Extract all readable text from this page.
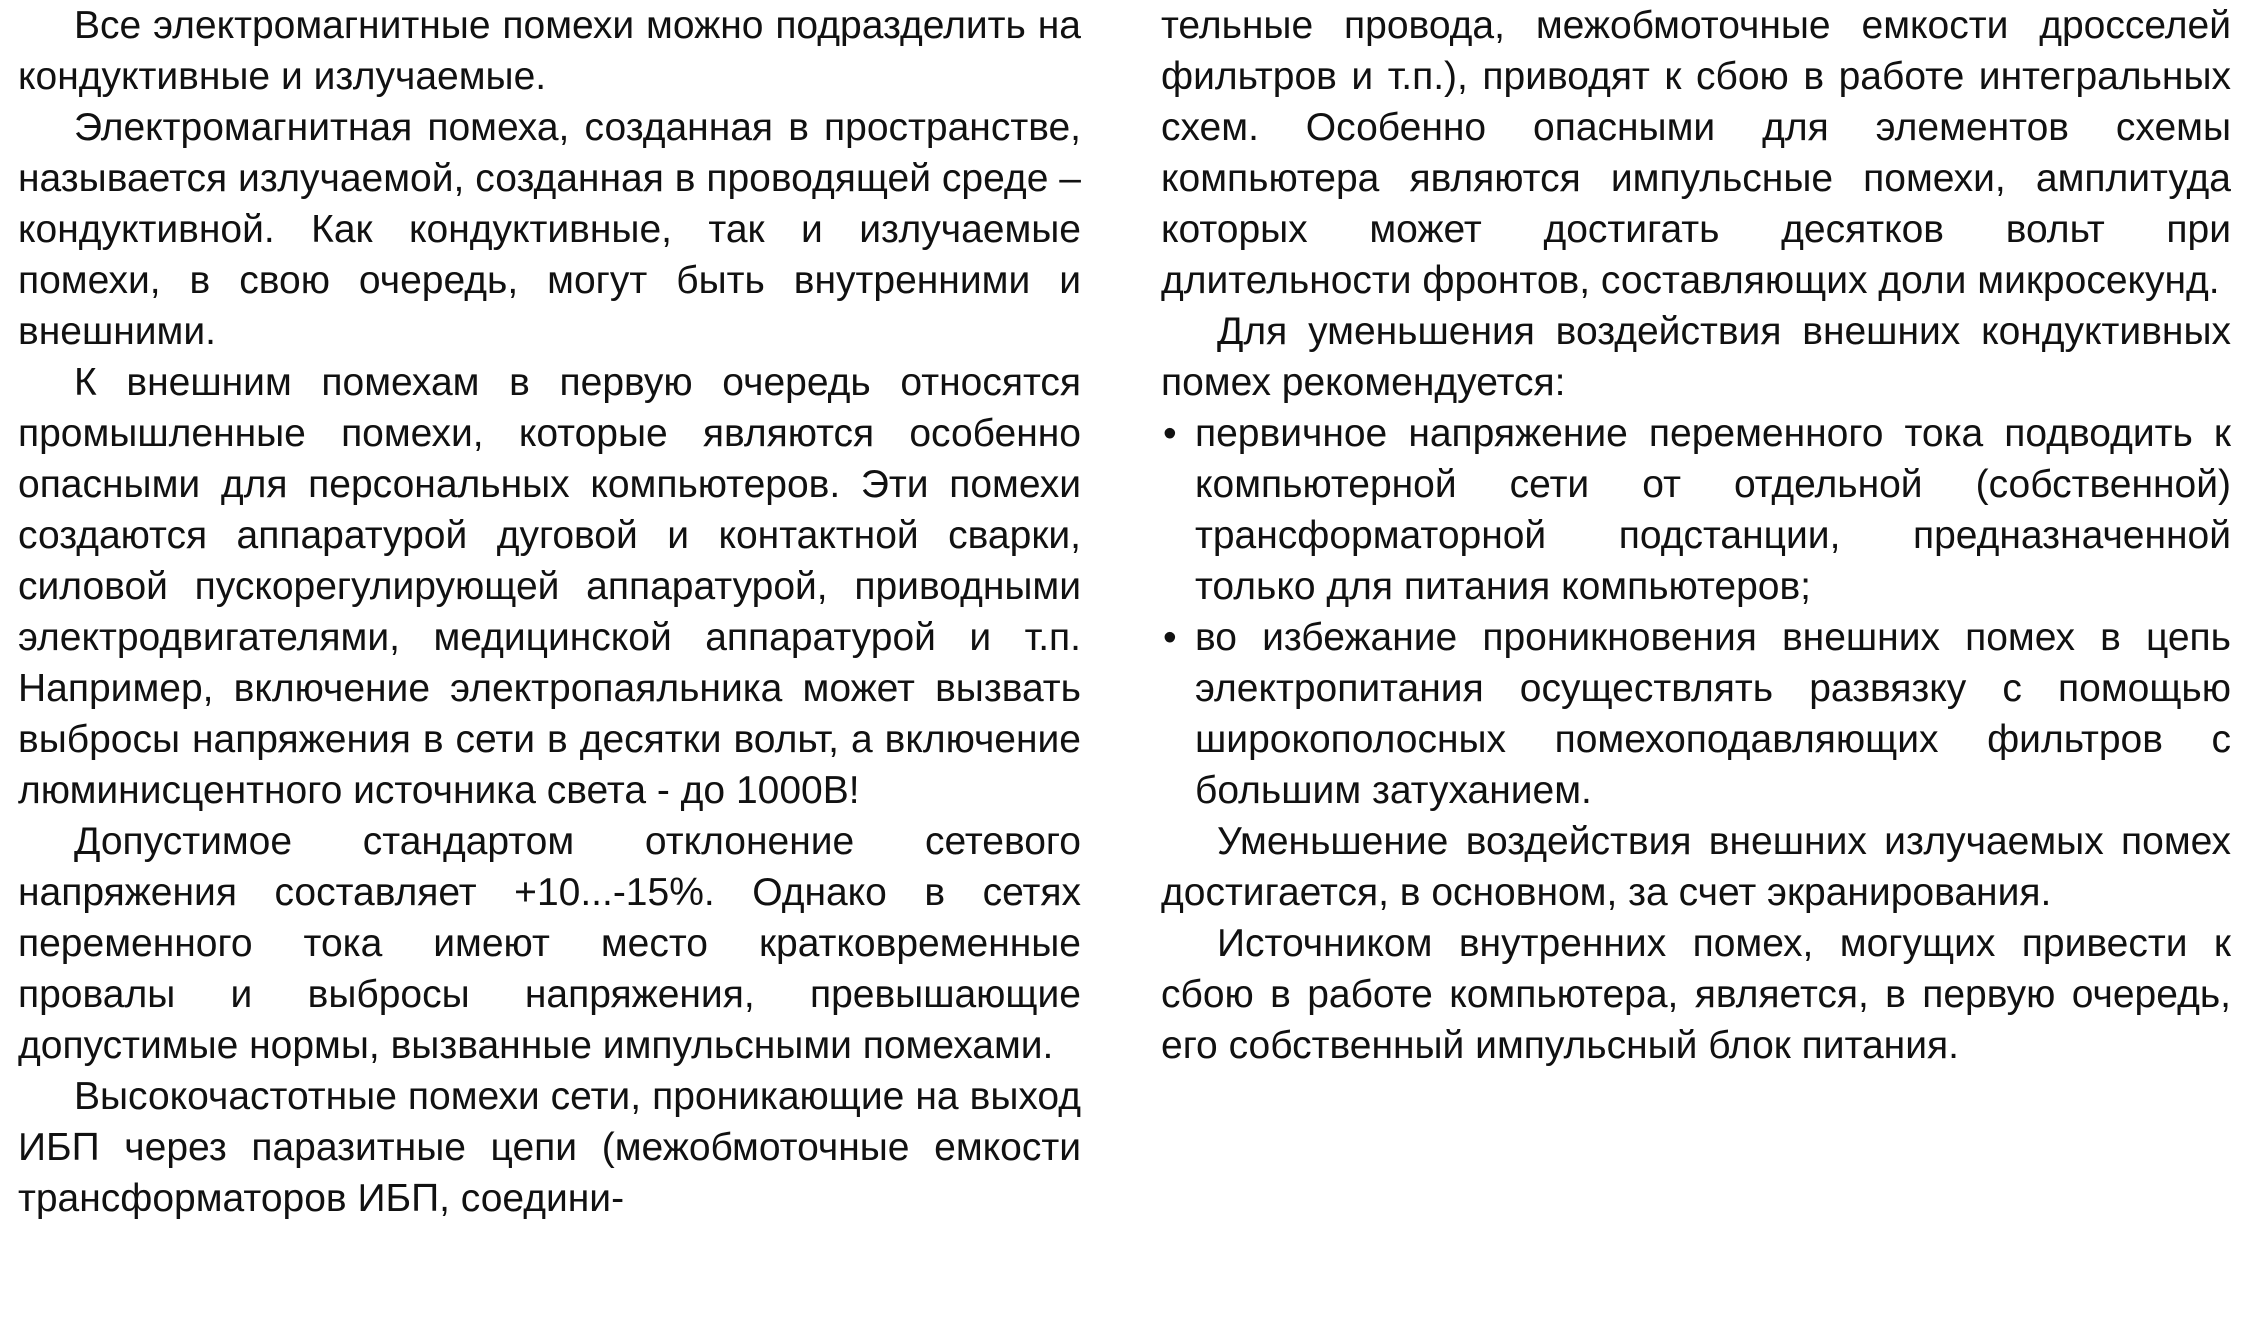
Все электромагнитные помехи можно подразделить на кондуктивные и излучаемые.

Электромагнитная помеха, созданная в пространстве, называется излучаемой, созданная в проводящей среде – кондуктивной. Как кондуктивные, так и излучаемые помехи, в свою очередь, могут быть внутренними и внешними.

К внешним помехам в первую очередь относятся промышленные помехи, которые являются особенно опасными для персональных компьютеров. Эти помехи создаются аппаратурой дуговой и контактной сварки, силовой пускорегулирующей аппаратурой, приводными электродвигателями, медицинской аппаратурой и т.п. Например, включение электропаяльника может вызвать выбросы напряжения в сети в десятки вольт, а включение люминисцентного источника света - до 1000В!

Допустимое стандартом отклонение сетевого напряжения составляет +10...-15%. Однако в сетях переменного тока имеют место кратковременные провалы и выбросы напряжения, превышающие допустимые нормы, вызванные импульсными помехами.

Высокочастотные помехи сети, проникающие на выход ИБП через паразитные цепи (межобмоточные емкости трансформаторов ИБП, соедини-

тельные провода, межобмоточные емкости дросселей фильтров и т.п.), приводят к сбою в работе интегральных схем. Особенно опасными для элементов схемы компьютера являются импульсные помехи, амплитуда которых может достигать десятков вольт при длительности фронтов, составляющих доли микросекунд.

Для уменьшения воздействия внешних кондуктивных помех рекомендуется:

• первичное напряжение переменного тока подводить к компьютерной сети от отдельной (собственной) трансформаторной подстанции, предназначенной только для питания компьютеров;
• во избежание проникновения внешних помех в цепь электропитания осуществлять развязку с помощью широкополосных помехоподавляющих фильтров с большим затуханием.

Уменьшение воздействия внешних излучаемых помех достигается, в основном, за счет экранирования.

Источником внутренних помех, могущих привести к сбою в работе компьютера, является, в первую очередь, его собственный импульсный блок питания.
